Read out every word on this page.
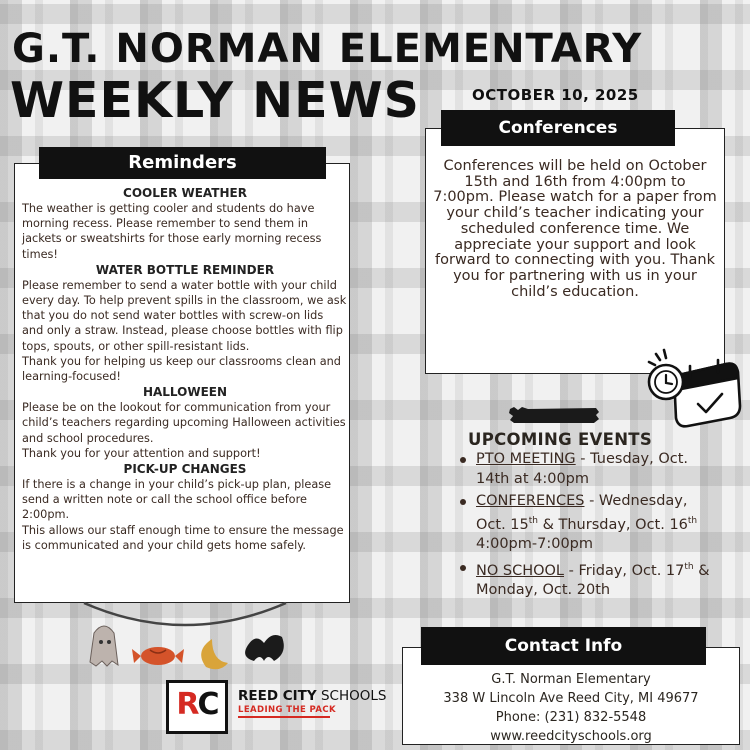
G.T. NORMAN ELEMENTARY
WEEKLY NEWS	OCTOBER 10, 2025
Reminders
COOLER WEATHER

The weather is getting cooler and students do have morning recess. Please remember to send them in jackets or sweatshirts for those early morning recess times!

WATER BOTTLE REMINDER

Please remember to send a water bottle with your child every day. To help prevent spills in the classroom, we ask that you do not send water bottles with screw-on lids and only a straw. Instead, please choose bottles with flip tops, spouts, or other spill-resistant lids.

Thank you for helping us keep our classrooms clean and learning-focused!

HALLOWEEN

Please be on the lookout for communication from your child’s teachers regarding upcoming Halloween activities and school procedures.

Thank you for your attention and support!

PICK-UP CHANGES

If there is a change in your child’s pick-up plan, please send a written note or call the school office before 2:00pm.

This allows our staff enough time to ensure the message is communicated and your child gets home safely.

Conferences
Conferences will be held on October 15th and 16th from 4:00pm to 7:00pm. Please watch for a paper from your child’s teacher indicating your scheduled conference time. We appreciate your support and look forward to connecting with you. Thank you for partnering with us in your child’s education.
UPCOMING EVENTS
PTO MEETING - Tuesday, Oct. 14th at 4:00pm
CONFERENCES - Wednesday, Oct. 15th & Thursday, Oct. 16th 4:00pm-7:00pm
NO SCHOOL - Friday, Oct. 17th & Monday, Oct. 20th
Contact Info
G.T. Norman Elementary
338 W Lincoln Ave Reed City, MI 49677
Phone: (231) 832-5548
www.reedcityschools.org
RC	REED CITY SCHOOLS
LEADING THE PACK
